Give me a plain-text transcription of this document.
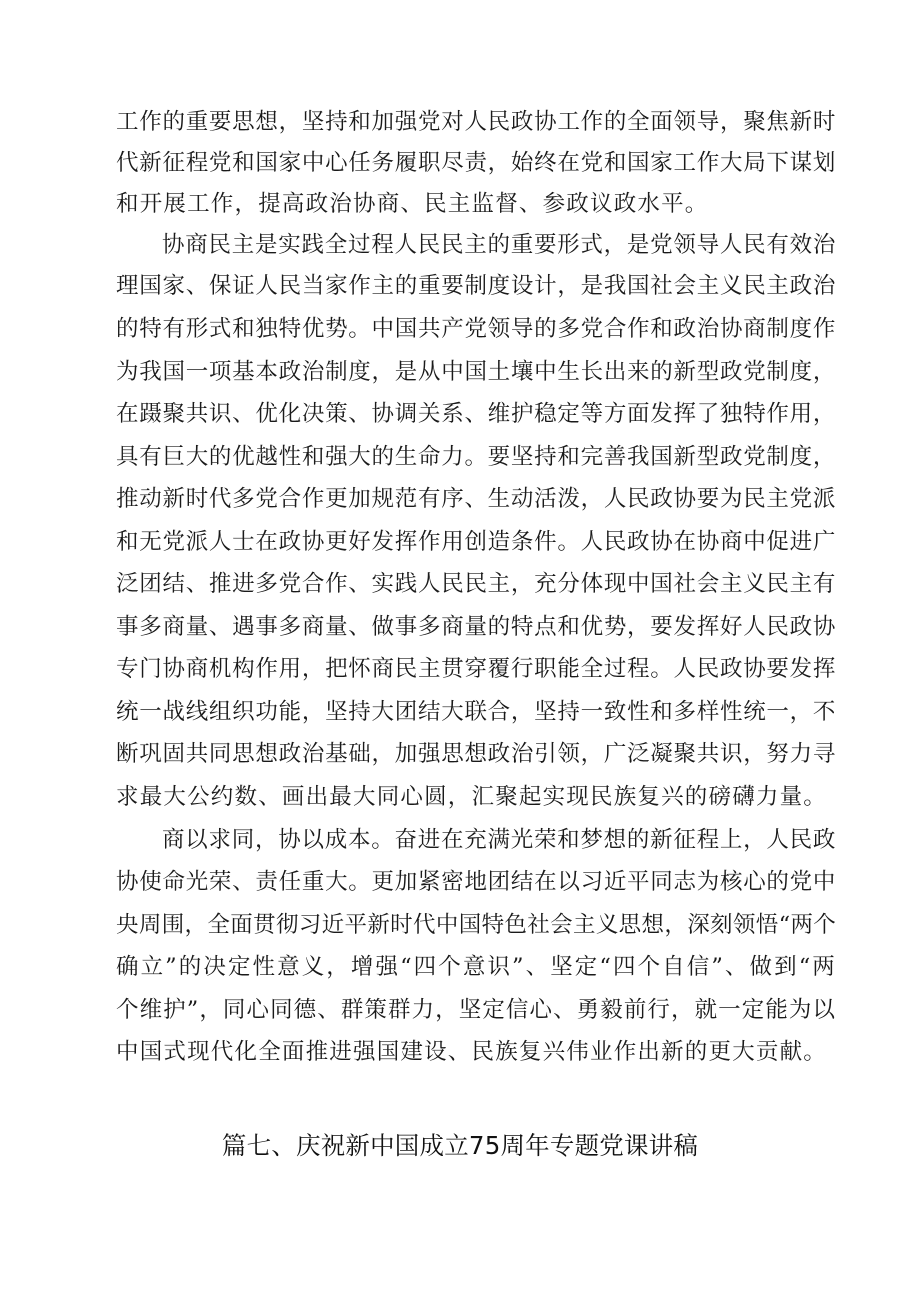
工作的重要思想，坚持和加强党对人民政协工作的全面领导，聚焦新时
代新征程党和国家中心任务履职尽责，始终在党和国家工作大局下谋划
和开展工作，提高政治协商、民主监督、参政议政水平。
协商民主是实践全过程人民民主的重要形式，是党领导人民有效治
理国家、保证人民当家作主的重要制度设计，是我国社会主义民主政治
的特有形式和独特优势。中国共产党领导的多党合作和政治协商制度作
为我国一项基本政治制度，是从中国土壤中生长出来的新型政党制度，
在蹑聚共识、优化决策、协调关系、维护稳定等方面发挥了独特作用，
具有巨大的优越性和强大的生命力。要坚持和完善我国新型政党制度，
推动新时代多党合作更加规范有序、生动活泼，人民政协要为民主党派
和无党派人士在政协更好发挥作用创造条件。人民政协在协商中促进广
泛团结、推进多党合作、实践人民民主，充分体现中国社会主义民主有
事多商量、遇事多商量、做事多商量的特点和优势，要发挥好人民政协
专门协商机构作用，把怀商民主贯穿覆行职能全过程。人民政协要发挥
统一战线组织功能，坚持大团结大联合，坚持一致性和多样性统一，不
断巩固共同思想政治基础，加强思想政治引领，广泛凝聚共识，努力寻
求最大公约数、画出最大同心圆，汇聚起实现民族复兴的磅礴力量。
商以求同，协以成本。奋进在充满光荣和梦想的新征程上，人民政
协使命光荣、责任重大。更加紧密地团结在以习近平同志为核心的党中
央周围，全面贯彻习近平新时代中国特色社会主义思想，深刻领悟“两个
确立”的决定性意义，增强“四个意识”、坚定“四个自信”、做到“两
个维护”，同心同德、群策群力，坚定信心、勇毅前行，就一定能为以
中国式现代化全面推进强国建设、民族复兴伟业作出新的更大贡献。
篇七、庆祝新中国成立75周年专题党课讲稿
